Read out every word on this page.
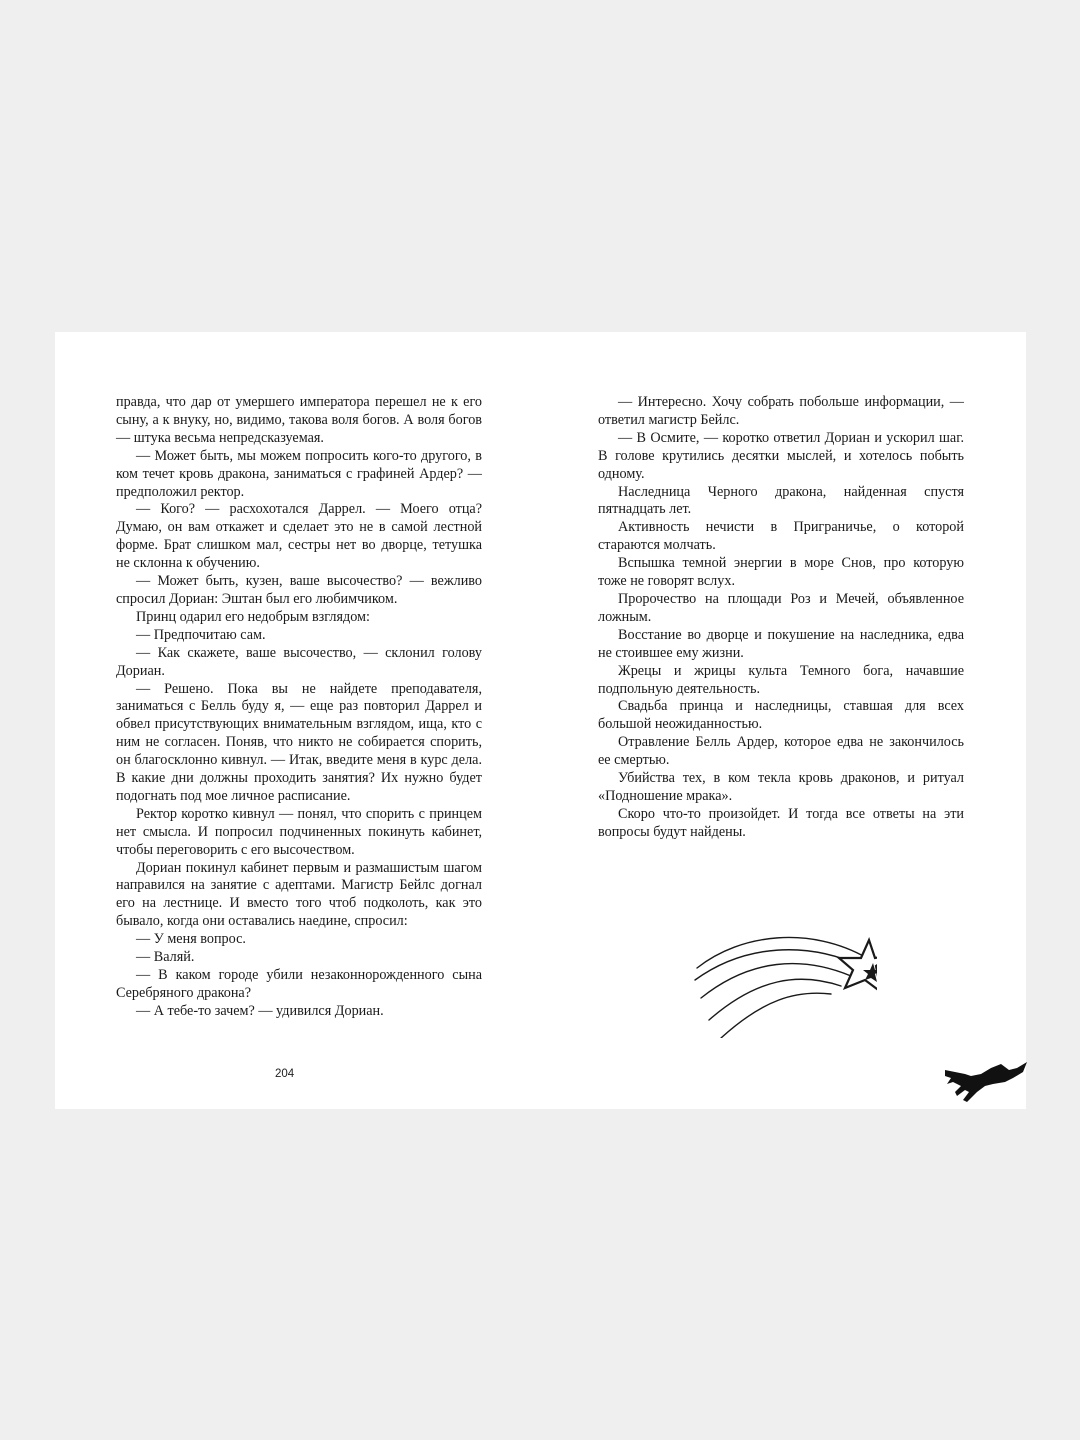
правда, что дар от умершего императора перешел не к его сыну, а к внуку, но, видимо, такова воля богов. А воля богов — штука весьма непредсказуемая.

— Может быть, мы можем попросить кого-то другого, в ком течет кровь дракона, заниматься с графиней Ардер? — предположил ректор.

— Кого? — расхохотался Даррел. — Моего отца? Думаю, он вам откажет и сделает это не в самой лестной форме. Брат слишком мал, сестры нет во дворце, тетушка не склонна к обучению.

— Может быть, кузен, ваше высочество? — вежливо спросил Дориан: Эштан был его любимчиком.

Принц одарил его недобрым взглядом:

— Предпочитаю сам.

— Как скажете, ваше высочество, — склонил голову Дориан.

— Решено. Пока вы не найдете преподавателя, заниматься с Белль буду я, — еще раз повторил Даррел и обвел присутствующих внимательным взглядом, ища, кто с ним не согласен. Поняв, что никто не собирается спорить, он благосклонно кивнул. — Итак, введите меня в курс дела. В какие дни должны проходить занятия? Их нужно будет подогнать под мое личное расписание.

Ректор коротко кивнул — понял, что спорить с принцем нет смысла. И попросил подчиненных покинуть кабинет, чтобы переговорить с его высочеством.

Дориан покинул кабинет первым и размашистым шагом направился на занятие с адептами. Магистр Бейлс догнал его на лестнице. И вместо того чтоб подколоть, как это бывало, когда они оставались наедине, спросил:

— У меня вопрос.

— Валяй.

— В каком городе убили незаконнорожденного сына Серебряного дракона?

— А тебе-то зачем? — удивился Дориан.

204

— Интересно. Хочу собрать побольше информации, — ответил магистр Бейлс.

— В Осмите, — коротко ответил Дориан и ускорил шаг. В голове крутились десятки мыслей, и хотелось побыть одному.

Наследница Черного дракона, найденная спустя пятнадцать лет.

Активность нечисти в Приграничье, о которой стараются молчать.

Вспышка темной энергии в море Снов, про которую тоже не говорят вслух.

Пророчество на площади Роз и Мечей, объявленное ложным.

Восстание во дворце и покушение на наследника, едва не стоившее ему жизни.

Жрецы и жрицы культа Темного бога, начавшие подпольную деятельность.

Свадьба принца и наследницы, ставшая для всех большой неожиданностью.

Отравление Белль Ардер, которое едва не закончилось ее смертью.

Убийства тех, в ком текла кровь драконов, и ритуал «Подношение мрака».

Скоро что-то произойдет. И тогда все ответы на эти вопросы будут найдены.
